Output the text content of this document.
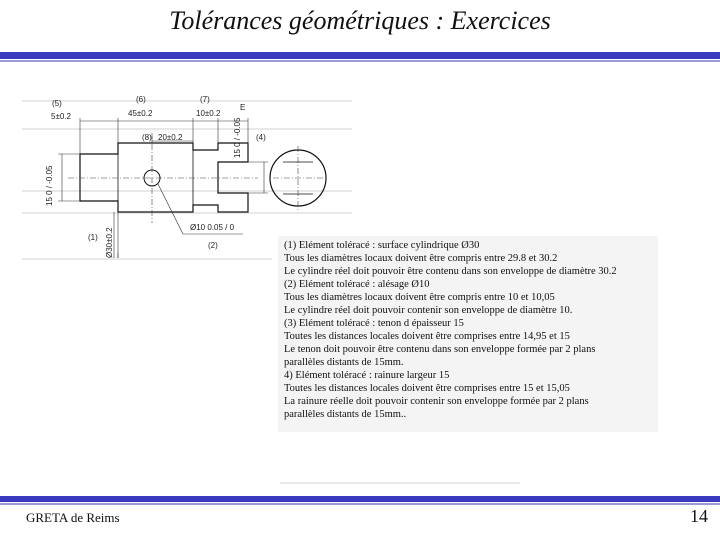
Tolérances géométriques : Exercices
(5)
5±0.2
(6)
45±0.2
(7)
10±0.2
(8) 20±0.2	(4)
E
15 0 / -0.05
15 0 / -0.05
Ø30±0.2
(1)
(2)
Ø10 0.05 / 0
(1) Elément toléracé : surface cylindrique Ø30
Tous les diamètres locaux doivent être compris entre 29.8 et 30.2
Le cylindre réel doit pouvoir être contenu dans son enveloppe de diamètre 30.2
(2) Elément toléracé : alésage Ø10
Tous les diamètres locaux doivent être compris entre 10 et 10,05
Le cylindre réel doit pouvoir contenir son enveloppe de diamètre 10.
(3) Elément toléracé : tenon d épaisseur 15
Toutes les distances locales doivent être comprises entre 14,95 et 15
Le tenon doit pouvoir être contenu dans son enveloppe formée par 2 plans
parallèles distants de 15mm.
4) Elément toléracé : rainure largeur 15
Toutes les distances locales doivent être comprises entre 15 et 15,05
La rainure réelle doit pouvoir contenir son enveloppe formée par 2 plans
parallèles distants de 15mm..
GRETA de Reims	14
